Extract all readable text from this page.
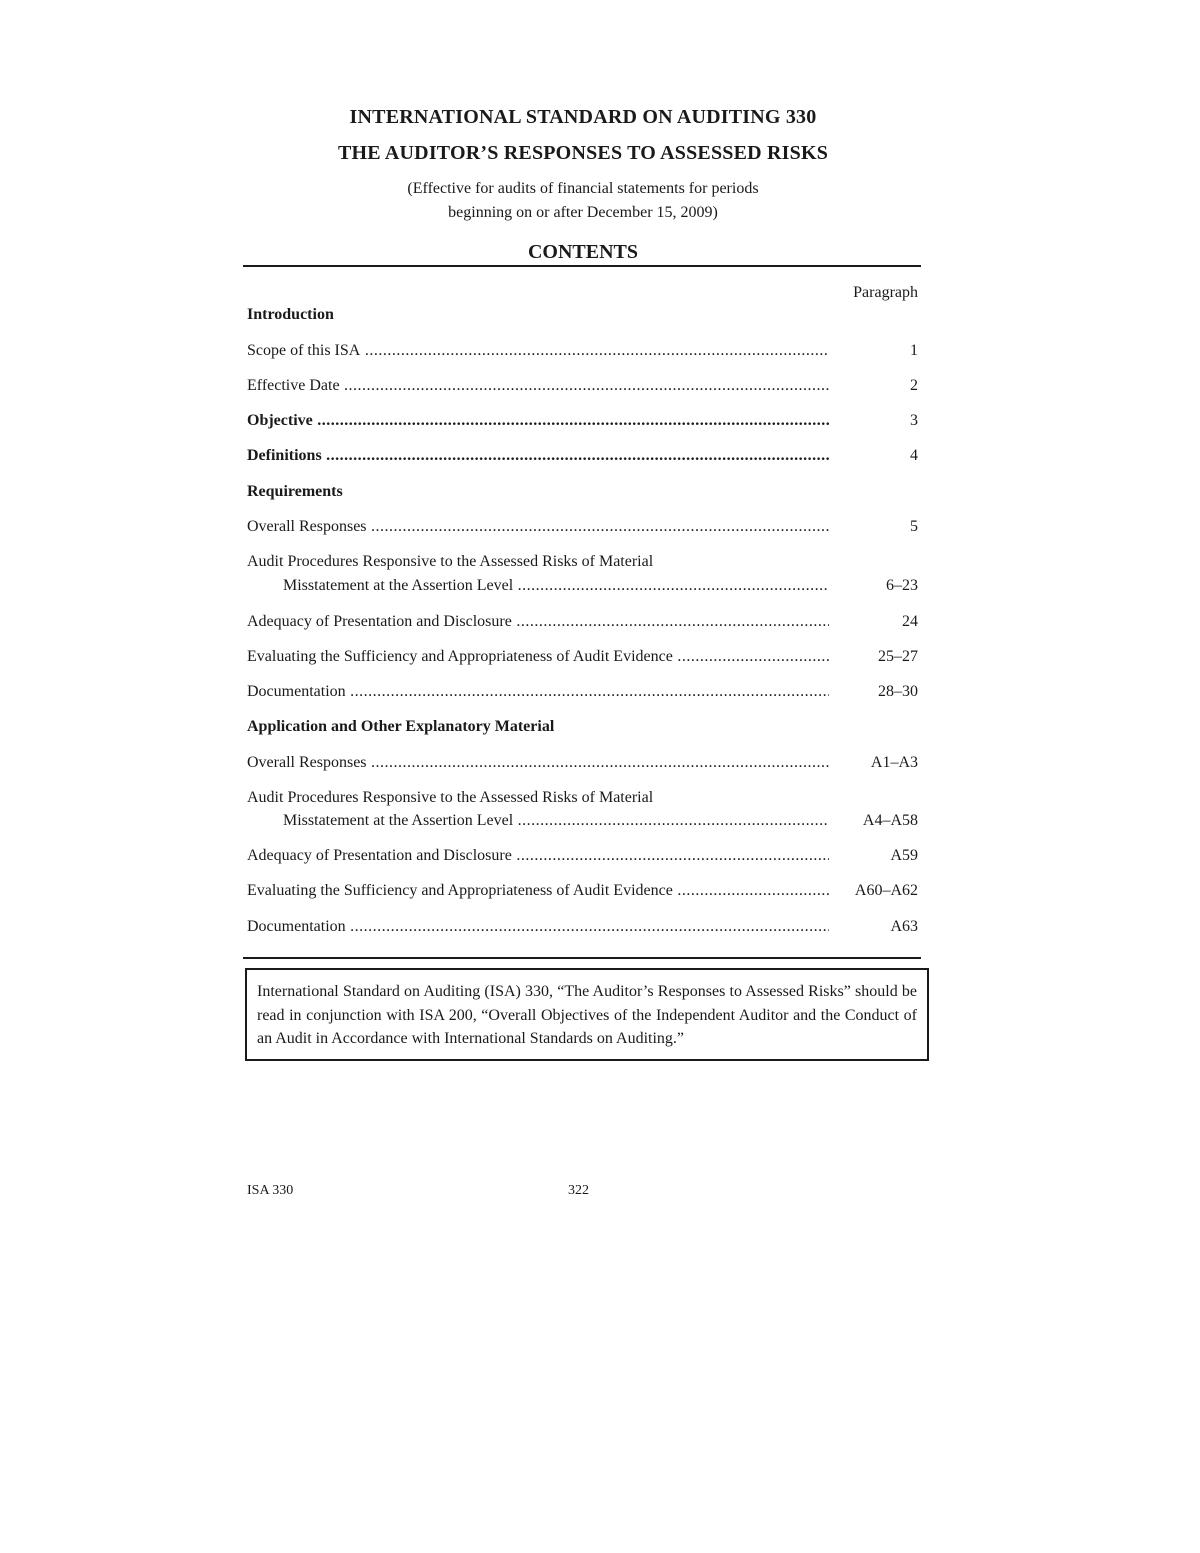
INTERNATIONAL STANDARD ON AUDITING 330
THE AUDITOR’S RESPONSES TO ASSESSED RISKS
(Effective for audits of financial statements for periods
beginning on or after December 15, 2009)
CONTENTS
Paragraph
Introduction
Scope of this ISA .....	1
Effective Date .....	2
Objective .....	3
Definitions .....	4
Requirements
Overall Responses .....	5
Audit Procedures Responsive to the Assessed Risks of Material
Misstatement at the Assertion Level .....	6–23
Adequacy of Presentation and Disclosure .....	24
Evaluating the Sufficiency and Appropriateness of Audit Evidence .....	25–27
Documentation .....	28–30
Application and Other Explanatory Material
Overall Responses .....	A1–A3
Audit Procedures Responsive to the Assessed Risks of Material
Misstatement at the Assertion Level .....	A4–A58
Adequacy of Presentation and Disclosure .....	A59
Evaluating the Sufficiency and Appropriateness of Audit Evidence .....	A60–A62
Documentation .....	A63
International Standard on Auditing (ISA) 330, “The Auditor’s Responses to Assessed Risks” should be read in conjunction with ISA 200, “Overall Objectives of the Independent Auditor and the Conduct of an Audit in Accordance with International Standards on Auditing.”
ISA 330	322
